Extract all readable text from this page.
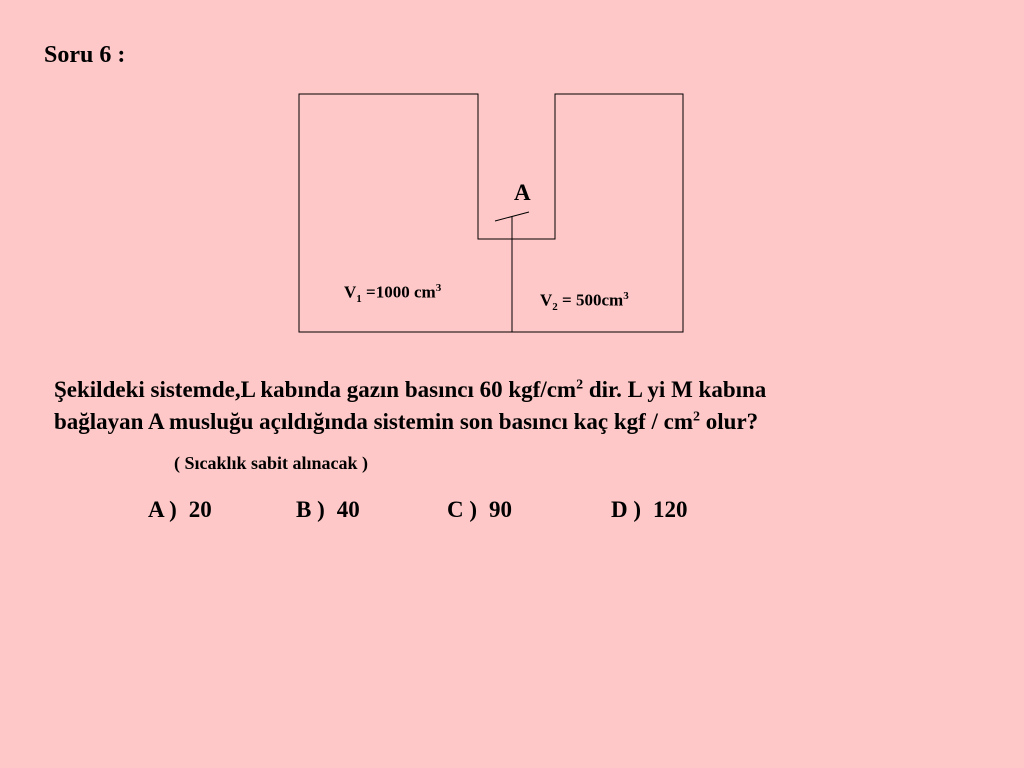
Soru 6 :
A
$V_1 =1000$ $cm^3$
$V_2 = 500cm^3$
Şekildeki sistemde,L kabında gazın basıncı 60 kgf/$cm^2$ dir. L yi M kabına
bağlayan A musluğu açıldığında sistemin son basıncı kaç kgf / $cm^2$ olur?
( Sıcaklık sabit alınacak )
A ) 20	B ) 40	C ) 90	D ) 120
